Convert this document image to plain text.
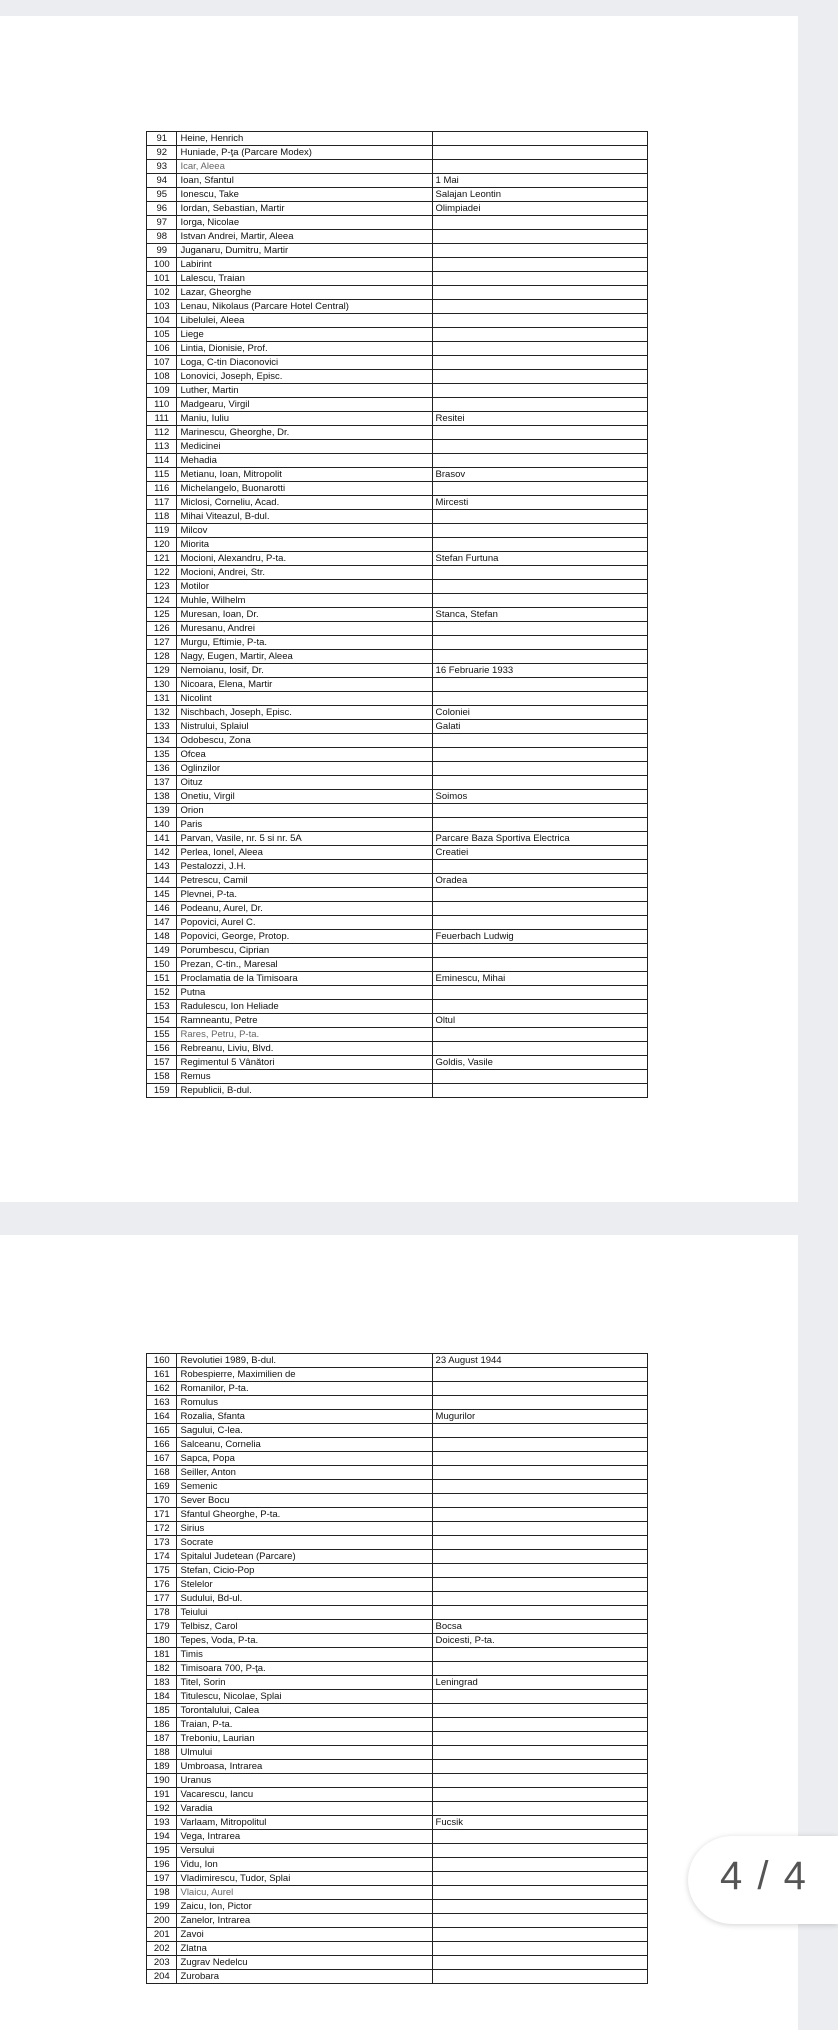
91	Heine, Henrich	
92	Huniade, P-ţa (Parcare Modex)	
93	Icar, Aleea	
94	Ioan, Sfantul	1 Mai
95	Ionescu, Take	Salajan Leontin
96	Iordan, Sebastian, Martir	Olimpiadei
97	Iorga, Nicolae	
98	Istvan Andrei, Martir, Aleea	
99	Juganaru, Dumitru, Martir	
100	Labirint	
101	Lalescu, Traian	
102	Lazar, Gheorghe	
103	Lenau, Nikolaus (Parcare Hotel Central)	
104	Libelulei, Aleea	
105	Liege	
106	Lintia, Dionisie, Prof.	
107	Loga, C-tin Diaconovici	
108	Lonovici, Joseph, Episc.	
109	Luther, Martin	
110	Madgearu, Virgil	
111	Maniu, Iuliu	Resitei
112	Marinescu, Gheorghe, Dr.	
113	Medicinei	
114	Mehadia	
115	Metianu, Ioan, Mitropolit	Brasov
116	Michelangelo, Buonarotti	
117	Miclosi, Corneliu, Acad.	Mircesti
118	Mihai Viteazul, B-dul.	
119	Milcov	
120	Miorita	
121	Mocioni, Alexandru, P-ta.	Stefan Furtuna
122	Mocioni, Andrei, Str.	
123	Motilor	
124	Muhle, Wilhelm	
125	Muresan, Ioan, Dr.	Stanca, Stefan
126	Muresanu, Andrei	
127	Murgu, Eftimie, P-ta.	
128	Nagy, Eugen, Martir, Aleea	
129	Nemoianu, Iosif, Dr.	16 Februarie 1933
130	Nicoara, Elena, Martir	
131	Nicolint	
132	Nischbach, Joseph, Episc.	Coloniei
133	Nistrului, Splaiul	Galati
134	Odobescu, Zona	
135	Ofcea	
136	Oglinzilor	
137	Oituz	
138	Onetiu, Virgil	Soimos
139	Orion	
140	Paris	
141	Parvan, Vasile, nr. 5 si nr. 5A	Parcare Baza Sportiva Electrica
142	Perlea, Ionel, Aleea	Creatiei
143	Pestalozzi, J.H.	
144	Petrescu, Camil	Oradea
145	Plevnei, P-ta.	
146	Podeanu, Aurel, Dr.	
147	Popovici, Aurel C.	
148	Popovici, George, Protop.	Feuerbach Ludwig
149	Porumbescu, Ciprian	
150	Prezan, C-tin., Maresal	
151	Proclamatia de la Timisoara	Eminescu, Mihai
152	Putna	
153	Radulescu, Ion Heliade	
154	Ramneantu, Petre	Oltul
155	Rares, Petru, P-ta.	
156	Rebreanu, Liviu, Blvd.	
157	Regimentul 5 Vânători	Goldis, Vasile
158	Remus	
159	Republicii, B-dul.	
160	Revolutiei 1989, B-dul.	23 August 1944
161	Robespierre, Maximilien de	
162	Romanilor, P-ta.	
163	Romulus	
164	Rozalia, Sfanta	Mugurilor
165	Sagului, C-lea.	
166	Salceanu, Cornelia	
167	Sapca, Popa	
168	Seiller, Anton	
169	Semenic	
170	Sever Bocu	
171	Sfantul Gheorghe, P-ta.	
172	Sirius	
173	Socrate	
174	Spitalul Judetean (Parcare)	
175	Stefan, Cicio-Pop	
176	Stelelor	
177	Sudului, Bd-ul.	
178	Teiului	
179	Telbisz, Carol	Bocsa
180	Tepes, Voda, P-ta.	Doicesti, P-ta.
181	Timis	
182	Timisoara 700, P-ţa.	
183	Titel, Sorin	Leningrad
184	Titulescu, Nicolae, Splai	
185	Torontalului, Calea	
186	Traian, P-ta.	
187	Treboniu, Laurian	
188	Ulmului	
189	Umbroasa, Intrarea	
190	Uranus	
191	Vacarescu, Iancu	
192	Varadia	
193	Varlaam, Mitropolitul	Fucsik
194	Vega, Intrarea	
195	Versului	
196	Vidu, Ion	
197	Vladimirescu, Tudor, Splai	
198	Vlaicu, Aurel	
199	Zaicu, Ion, Pictor	
200	Zanelor, Intrarea	
201	Zavoi	
202	Zlatna	
203	Zugrav Nedelcu	
204	Zurobara	
4 / 4
